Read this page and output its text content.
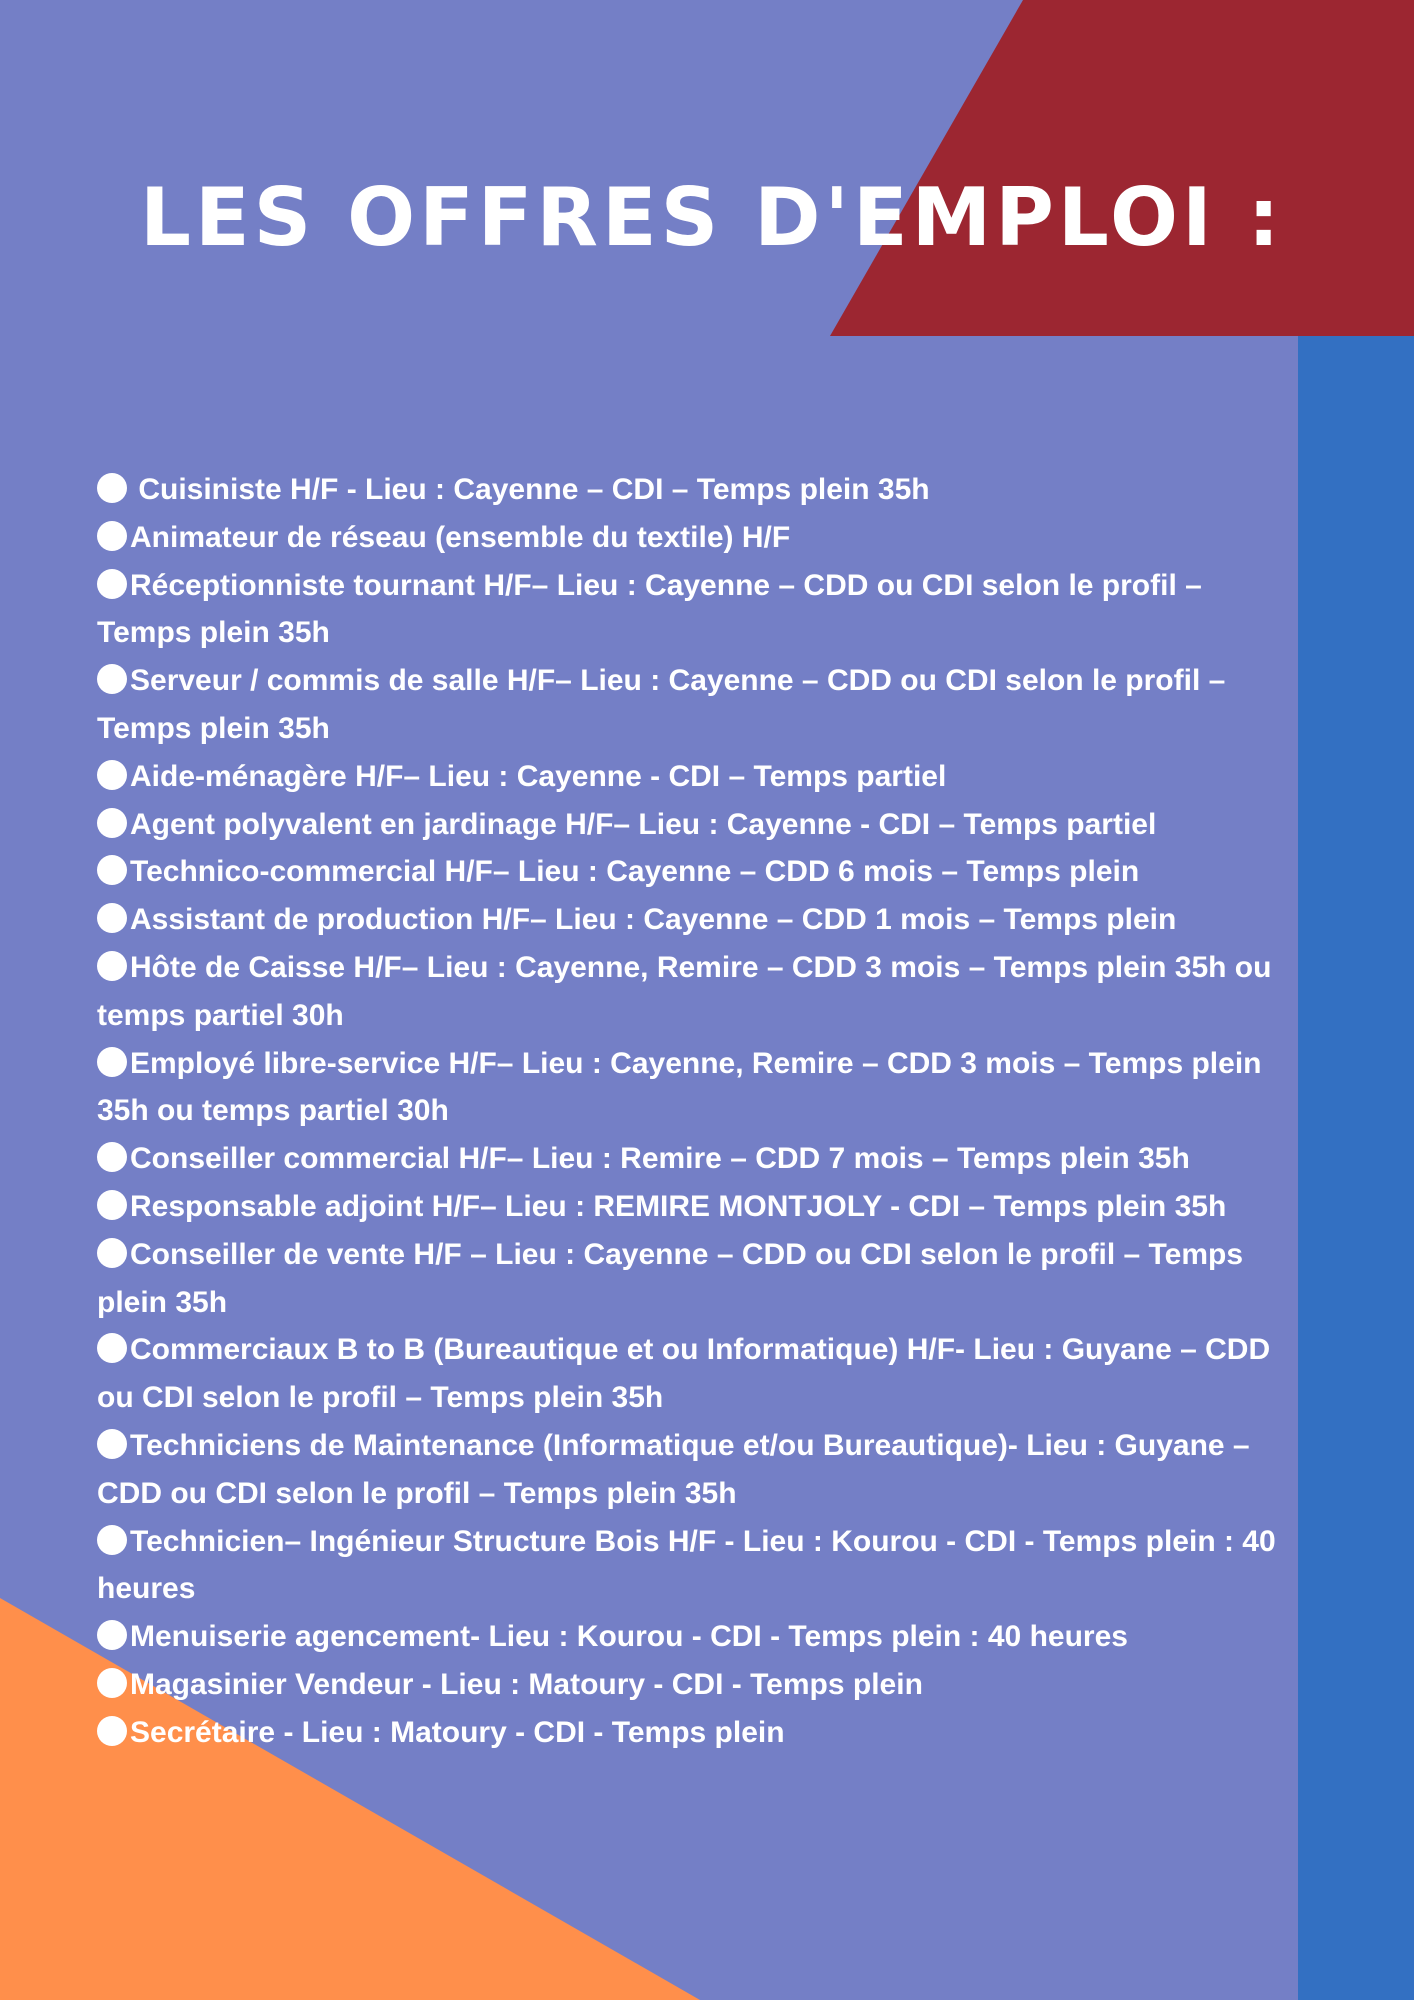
LES OFFRES D'EMPLOI :
Cuisiniste H/F - Lieu : Cayenne – CDI – Temps plein 35h
Animateur de réseau (ensemble du textile) H/F
Réceptionniste tournant H/F– Lieu : Cayenne – CDD ou CDI selon le profil – Temps plein 35h
Serveur / commis de salle H/F– Lieu : Cayenne – CDD ou CDI selon le profil – Temps plein 35h
Aide-ménagère H/F– Lieu : Cayenne - CDI – Temps partiel
Agent polyvalent en jardinage H/F– Lieu : Cayenne - CDI – Temps partiel
Technico-commercial H/F– Lieu : Cayenne – CDD 6 mois – Temps plein
Assistant de production H/F– Lieu : Cayenne – CDD 1 mois – Temps plein
Hôte de Caisse H/F– Lieu : Cayenne, Remire – CDD 3 mois – Temps plein 35h ou temps partiel 30h
Employé libre-service H/F– Lieu : Cayenne, Remire – CDD 3 mois – Temps plein 35h ou temps partiel 30h
Conseiller commercial H/F– Lieu : Remire – CDD 7 mois – Temps plein 35h
Responsable adjoint H/F– Lieu : REMIRE MONTJOLY - CDI – Temps plein 35h
Conseiller de vente H/F – Lieu : Cayenne – CDD ou CDI selon le profil – Temps plein 35h
Commerciaux B to B (Bureautique et ou Informatique) H/F- Lieu : Guyane – CDD ou CDI selon le profil – Temps plein 35h
Techniciens de Maintenance (Informatique et/ou Bureautique)- Lieu : Guyane – CDD ou CDI selon le profil – Temps plein 35h
Technicien– Ingénieur Structure Bois H/F - Lieu : Kourou - CDI - Temps plein : 40 heures
Menuiserie agencement- Lieu : Kourou - CDI - Temps plein : 40 heures
Magasinier Vendeur - Lieu : Matoury - CDI - Temps plein
Secrétaire - Lieu : Matoury - CDI - Temps plein
